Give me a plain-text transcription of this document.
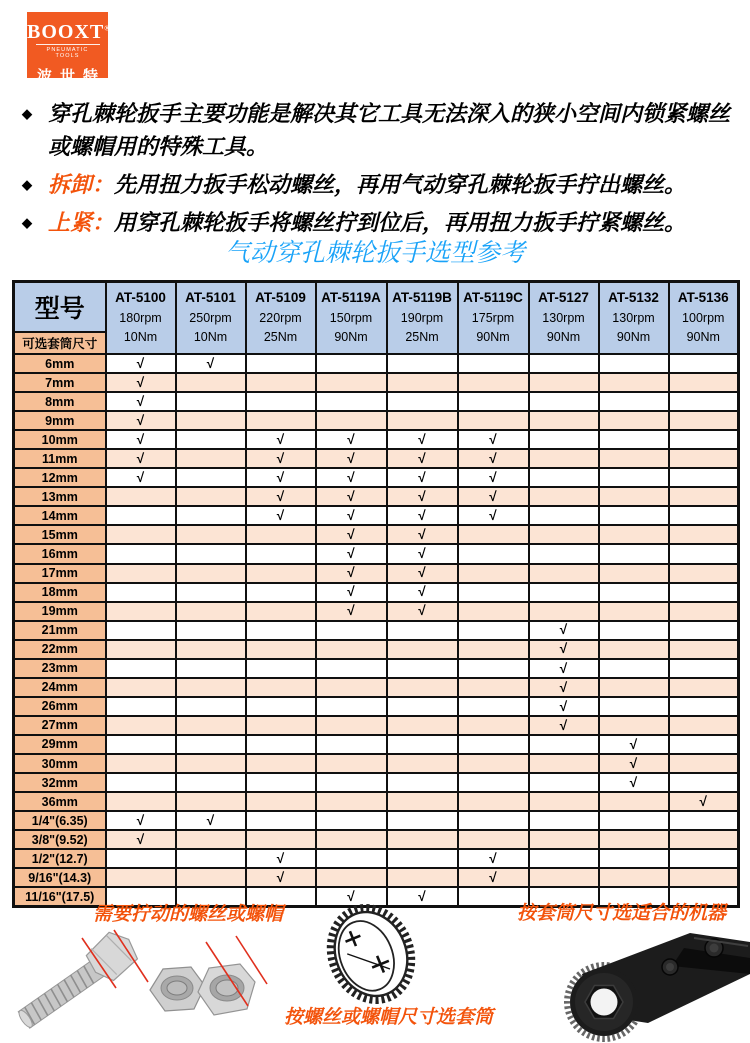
BOOXT®
PNEUMATIC TOOLS
波世特
◆ 穿孔棘轮扳手主要功能是解决其它工具无法深入的狭小空间内锁紧螺丝或螺帽用的特殊工具。
◆ 拆卸：先用扭力扳手松动螺丝，再用气动穿孔棘轮扳手拧出螺丝。
◆ 上紧：用穿孔棘轮扳手将螺丝拧到位后，再用扭力扳手拧紧螺丝。
气动穿孔棘轮扳手选型参考
型号
可选套筒尺寸

AT-5100
180rpm
10Nm

AT-5101
250rpm
10Nm

AT-5109
220rpm
25Nm

AT-5119A
150rpm
90Nm

AT-5119B
190rpm
25Nm

AT-5119C
175rpm
90Nm

AT-5127
130rpm
90Nm

AT-5132
130rpm
90Nm

AT-5136
100rpm
90Nm

6mm	√	√							
7mm	√								
8mm	√								
9mm	√								
10mm	√		√	√	√	√			
11mm	√		√	√	√	√			
12mm	√		√	√	√	√			
13mm			√	√	√	√			
14mm			√	√	√	√			
15mm				√	√				
16mm				√	√				
17mm				√	√				
18mm				√	√				
19mm				√	√				
21mm							√		
22mm							√		
23mm							√		
24mm							√		
26mm							√		
27mm							√		
29mm								√	
30mm								√	
32mm								√	
36mm									√
1/4"(6.35)	√	√							
3/8"(9.52)	√								
1/2"(12.7)			√			√			
9/16"(14.3)			√			√			
11/16"(17.5)				√	√				
需要拧动的螺丝或螺帽
按螺丝或螺帽尺寸选套筒
按套筒尺寸选适合的机器
